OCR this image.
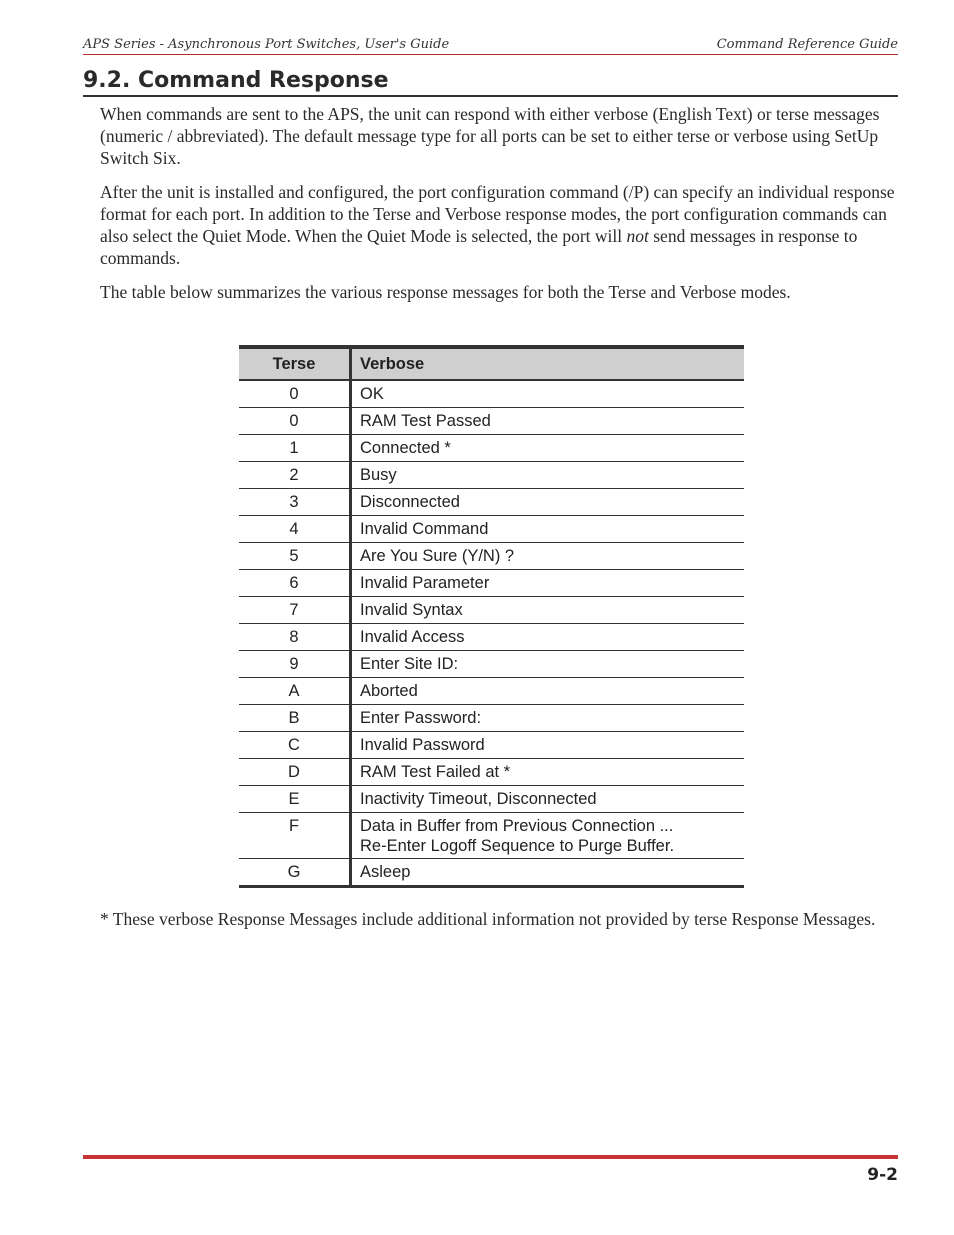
APS Series - Asynchronous Port Switches, User's Guide	Command Reference Guide
9.2. Command Response

When commands are sent to the APS, the unit can respond with either verbose (English Text) or terse messages (numeric / abbreviated). The default message type for all ports can be set to either terse or verbose using SetUp Switch Six.

After the unit is installed and configured, the port configuration command (/P) can specify an individual response format for each port. In addition to the Terse and Verbose response modes, the port configuration commands can also select the Quiet Mode. When the Quiet Mode is selected, the port will not send messages in response to commands.

The table below summarizes the various response messages for both the Terse and Verbose modes.

Terse	Verbose
0	OK
0	RAM Test Passed
1	Connected *
2	Busy
3	Disconnected
4	Invalid Command
5	Are You Sure (Y/N) ?
6	Invalid Parameter
7	Invalid Syntax
8	Invalid Access
9	Enter Site ID:
A	Aborted
B	Enter Password:
C	Invalid Password
D	RAM Test Failed at *
E	Inactivity Timeout, Disconnected
F	Data in Buffer from Previous Connection ...
Re-Enter Logoff Sequence to Purge Buffer.

G	Asleep

* These verbose Response Messages include additional information not provided by terse Response Messages.

9-2
